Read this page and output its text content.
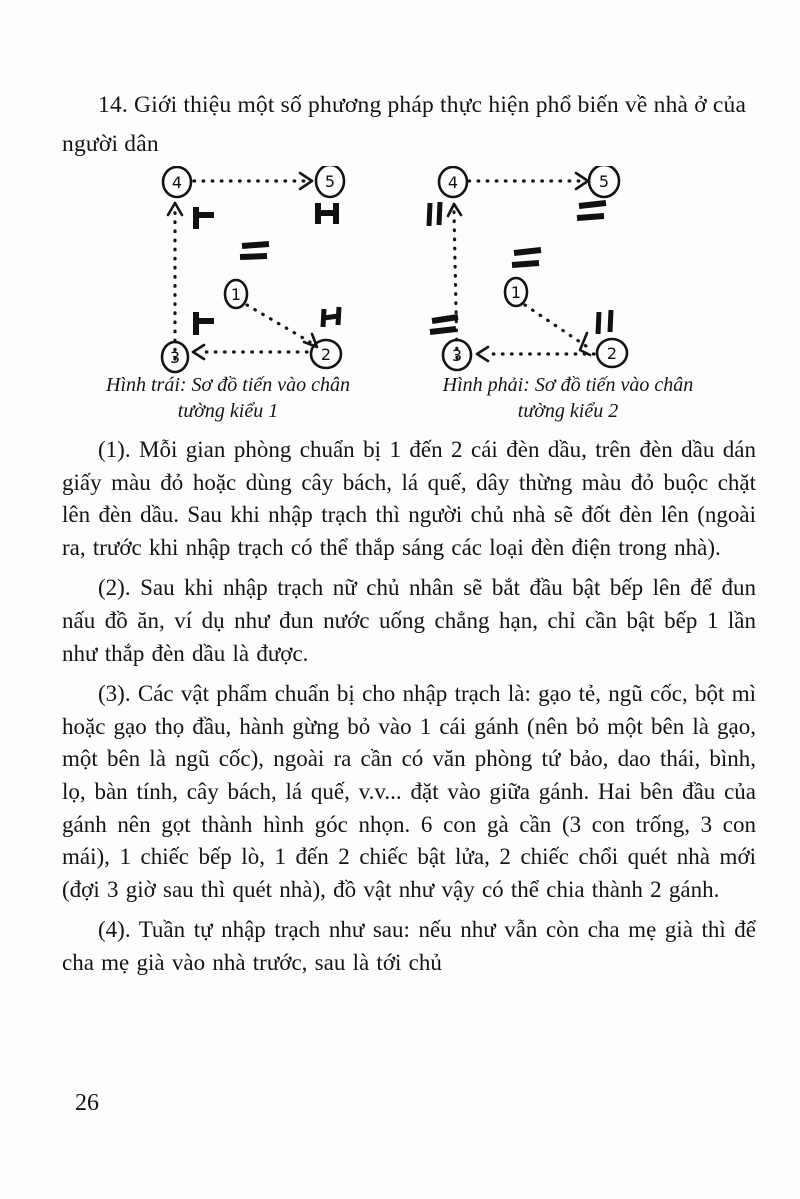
14. Giới thiệu một số phương pháp thực hiện phổ biến về nhà ở của người dân
4	5
1
2
3
4	5
1
2
3

Hình trái: Sơ đồ tiến vào chân tường kiểu 1

Hình phải: Sơ đồ tiến vào chân tường kiểu 2

(1). Mỗi gian phòng chuẩn bị 1 đến 2 cái đèn dầu, trên đèn dầu dán giấy màu đỏ hoặc dùng cây bách, lá quế, dây thừng màu đỏ buộc chặt lên đèn dầu. Sau khi nhập trạch thì người chủ nhà sẽ đốt đèn lên (ngoài ra, trước khi nhập trạch có thể thắp sáng các loại đèn điện trong nhà).

(2). Sau khi nhập trạch nữ chủ nhân sẽ bắt đầu bật bếp lên để đun nấu đồ ăn, ví dụ như đun nước uống chẳng hạn, chỉ cần bật bếp 1 lần như thắp đèn dầu là được.

(3). Các vật phẩm chuẩn bị cho nhập trạch là: gạo tẻ, ngũ cốc, bột mì hoặc gạo thọ đầu, hành gừng bỏ vào 1 cái gánh (nên bỏ một bên là gạo, một bên là ngũ cốc), ngoài ra cần có văn phòng tứ bảo, dao thái, bình, lọ, bàn tính, cây bách, lá quế, v.v... đặt vào giữa gánh. Hai bên đầu của gánh nên gọt thành hình góc nhọn. 6 con gà cần (3 con trống, 3 con mái), 1 chiếc bếp lò, 1 đến 2 chiếc bật lửa, 2 chiếc chổi quét nhà mới (đợi 3 giờ sau thì quét nhà), đồ vật như vậy có thể chia thành 2 gánh.

(4). Tuần tự nhập trạch như sau: nếu như vẫn còn cha mẹ già thì để cha mẹ già vào nhà trước, sau là tới chủ

26
